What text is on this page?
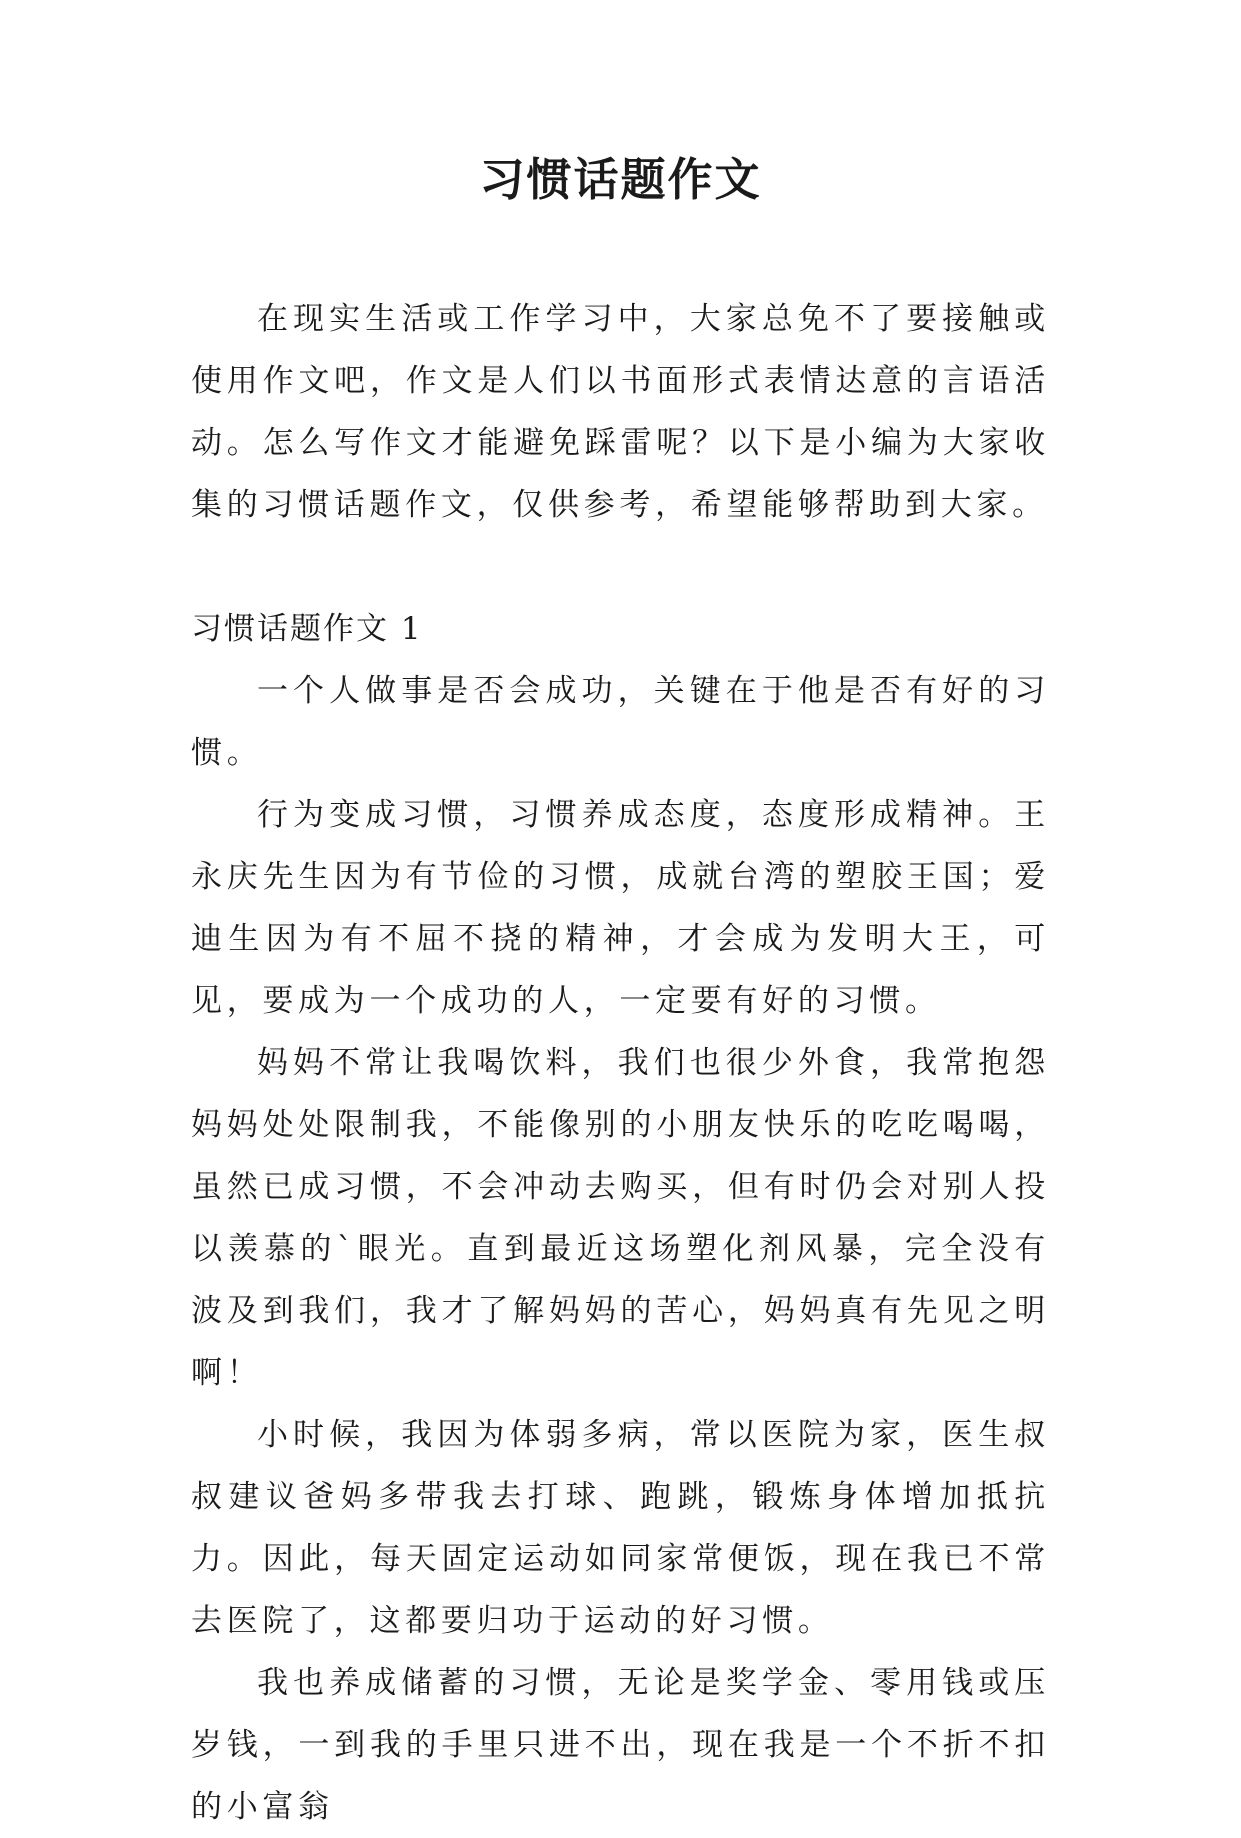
习惯话题作文

在现实生活或工作学习中，大家总免不了要接触或使用作文吧，作文是人们以书面形式表情达意的言语活动。怎么写作文才能避免踩雷呢？以下是小编为大家收集的习惯话题作文，仅供参考，希望能够帮助到大家。

习惯话题作文 1

一个人做事是否会成功，关键在于他是否有好的习惯。

行为变成习惯，习惯养成态度，态度形成精神。王永庆先生因为有节俭的习惯，成就台湾的塑胶王国；爱迪生因为有不屈不挠的精神，才会成为发明大王，可见，要成为一个成功的人，一定要有好的习惯。

妈妈不常让我喝饮料，我们也很少外食，我常抱怨妈妈处处限制我，不能像别的小朋友快乐的吃吃喝喝，虽然已成习惯，不会冲动去购买，但有时仍会对别人投以羡慕的`眼光。直到最近这场塑化剂风暴，完全没有波及到我们，我才了解妈妈的苦心，妈妈真有先见之明啊！

小时候，我因为体弱多病，常以医院为家，医生叔叔建议爸妈多带我去打球、跑跳，锻炼身体增加抵抗力。因此，每天固定运动如同家常便饭，现在我已不常去医院了，这都要归功于运动的好习惯。

我也养成储蓄的习惯，无论是奖学金、零用钱或压岁钱，一到我的手里只进不出，现在我是一个不折不扣的小富翁
